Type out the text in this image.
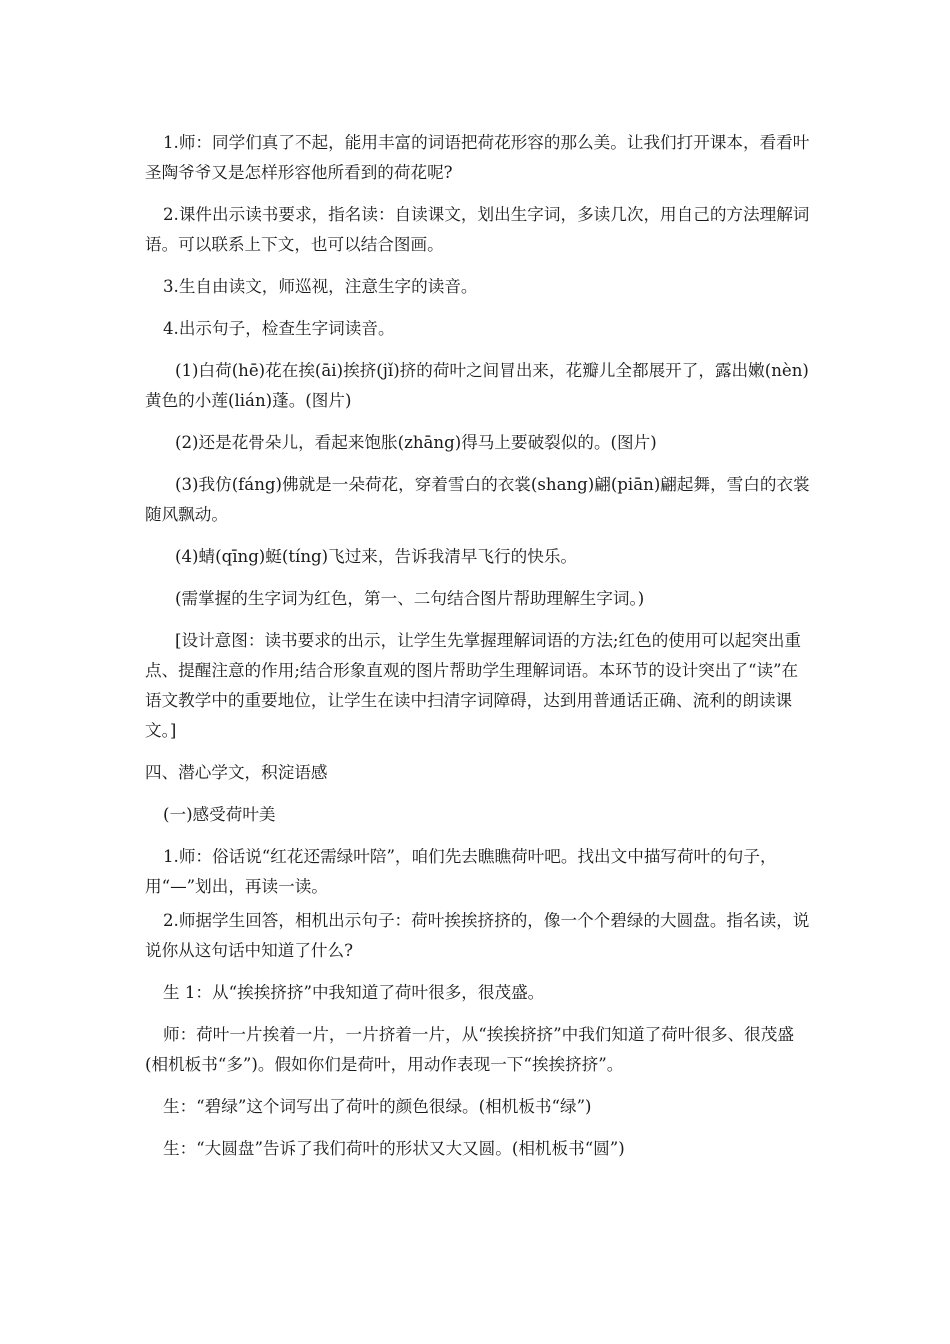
1.师：同学们真了不起，能用丰富的词语把荷花形容的那么美。让我们打开课本，看看叶圣陶爷爷又是怎样形容他所看到的荷花呢?

2.课件出示读书要求，指名读：自读课文，划出生字词，多读几次，用自己的方法理解词语。可以联系上下文，也可以结合图画。

3.生自由读文，师巡视，注意生字的读音。

4.出示句子，检查生字词读音。

(1)白荷(hē)花在挨(āi)挨挤(jǐ)挤的荷叶之间冒出来，花瓣儿全都展开了，露出嫩(nèn)黄色的小莲(lián)蓬。(图片)

(2)还是花骨朵儿，看起来饱胀(zhāng)得马上要破裂似的。(图片)

(3)我仿(fáng)佛就是一朵荷花，穿着雪白的衣裳(shang)翩(piān)翩起舞，雪白的衣裳随风飘动。

(4)蜻(qīng)蜓(tíng)飞过来，告诉我清早飞行的快乐。

(需掌握的生字词为红色，第一、二句结合图片帮助理解生字词。)

[设计意图：读书要求的出示，让学生先掌握理解词语的方法;红色的使用可以起突出重点、提醒注意的作用;结合形象直观的图片帮助学生理解词语。本环节的设计突出了“读”在语文教学中的重要地位，让学生在读中扫清字词障碍，达到用普通话正确、流利的朗读课文。]

四、潜心学文，积淀语感

(一)感受荷叶美

1.师：俗话说“红花还需绿叶陪”，咱们先去瞧瞧荷叶吧。找出文中描写荷叶的句子，用“—”划出，再读一读。

2.师据学生回答，相机出示句子：荷叶挨挨挤挤的，像一个个碧绿的大圆盘。指名读，说说你从这句话中知道了什么?

生 1：从“挨挨挤挤”中我知道了荷叶很多，很茂盛。

师：荷叶一片挨着一片，一片挤着一片，从“挨挨挤挤”中我们知道了荷叶很多、很茂盛(相机板书“多”)。假如你们是荷叶，用动作表现一下“挨挨挤挤”。

生：“碧绿”这个词写出了荷叶的颜色很绿。(相机板书“绿”)

生：“大圆盘”告诉了我们荷叶的形状又大又圆。(相机板书“圆”)
